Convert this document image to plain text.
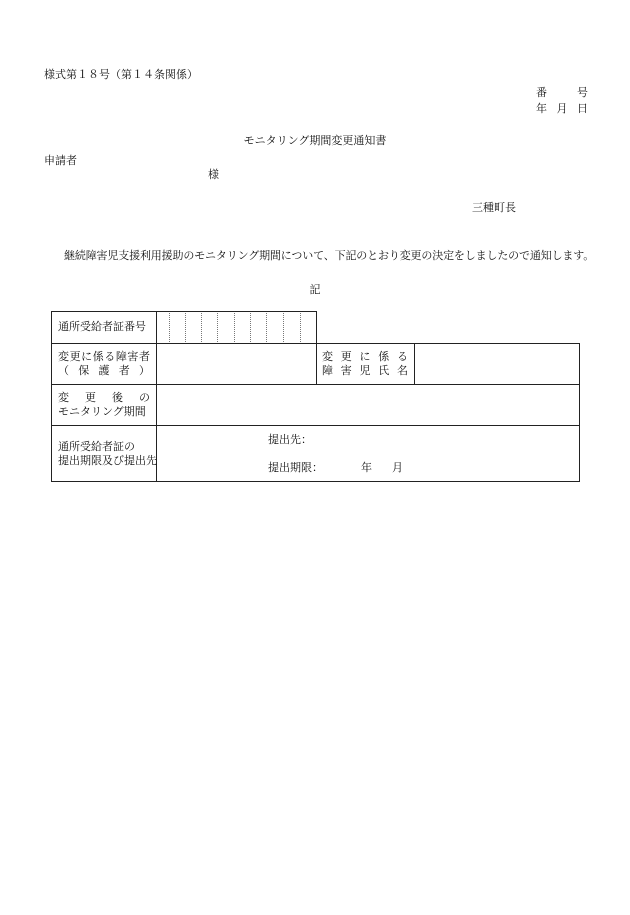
様式第１８号（第１４条関係）
番	号
年 月 日
モニタリング期間変更通知書
申請者
様
三種町長
継続障害児支援利用援助のモニタリング期間について、下記のとおり変更の決定をしましたので通知します。
記
通所受給者証番号
変 更 に 係 る 障 害 者
（ 保 護 者 ）
変 更 に 係 る
障 害 児 氏 名
変 更 後 の
モニタリング期間
通所受給者証の
提出期限及び提出先
提出先：
提出期限：	年 月
